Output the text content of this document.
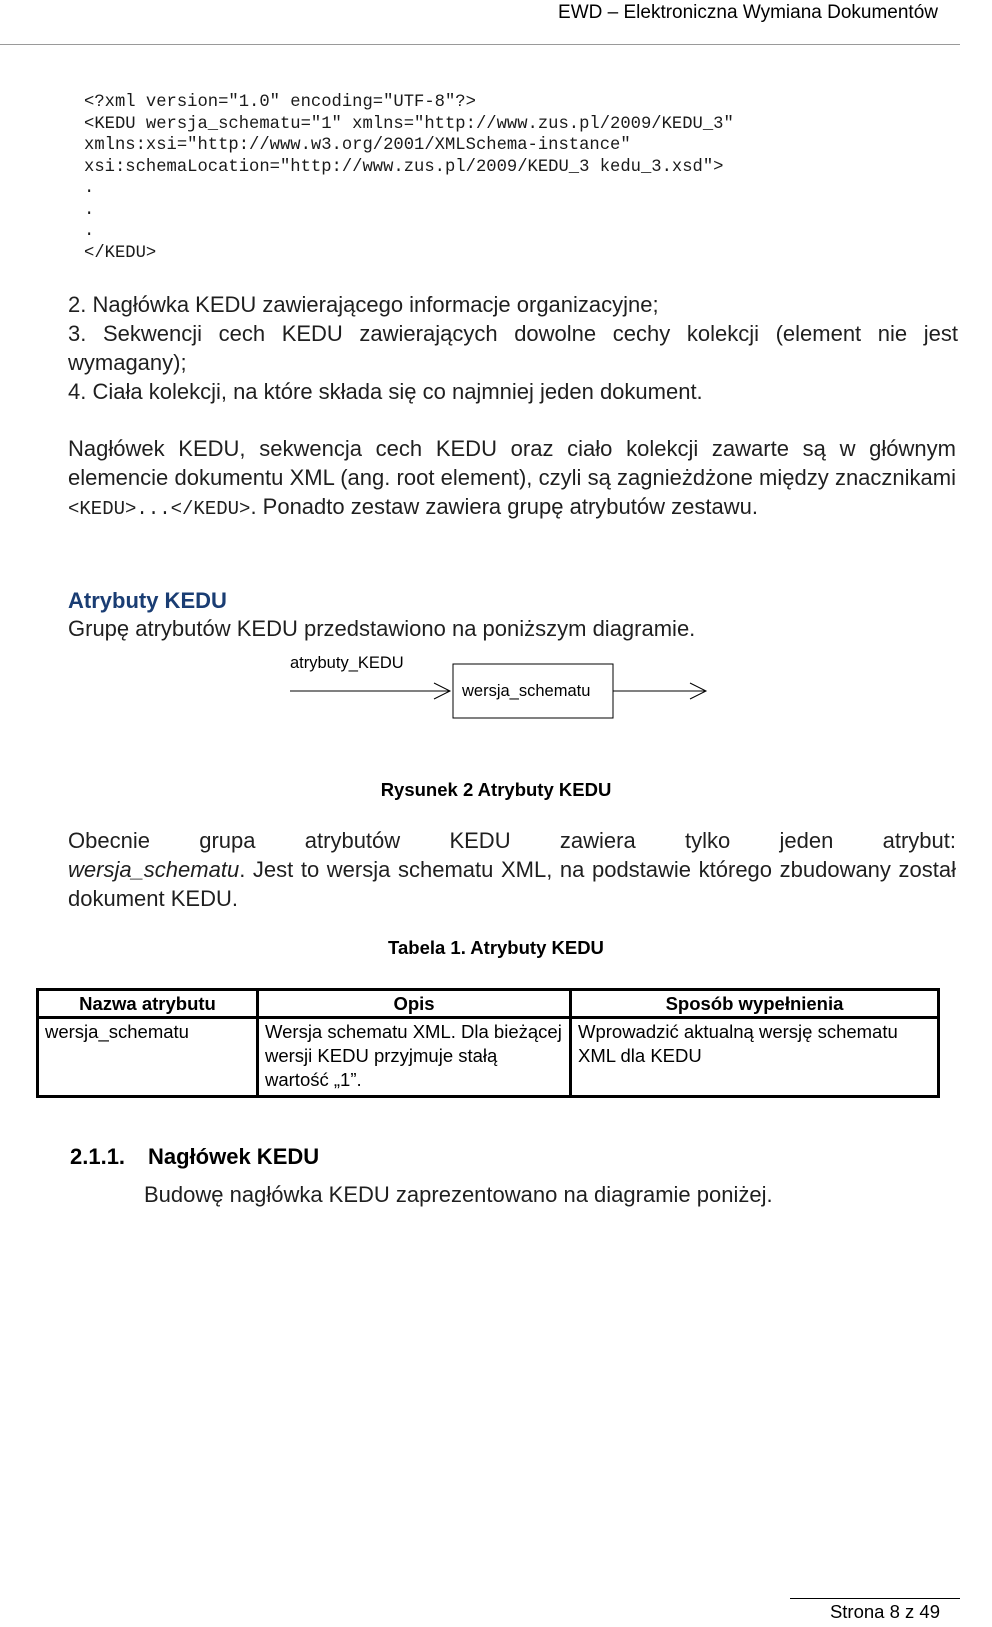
EWD – Elektroniczna Wymiana Dokumentów
<?xml version="1.0" encoding="UTF-8"?>
<KEDU wersja_schematu="1" xmlns="http://www.zus.pl/2009/KEDU_3"
xmlns:xsi="http://www.w3.org/2001/XMLSchema-instance"
xsi:schemaLocation="http://www.zus.pl/2009/KEDU_3 kedu_3.xsd">
.
.
.
</KEDU>
2. Nagłówka KEDU zawierającego informacje organizacyjne;
3. Sekwencji cech KEDU zawierających dowolne cechy kolekcji (element nie jest wymagany);
4. Ciała kolekcji, na które składa się co najmniej jeden dokument.
Nagłówek KEDU, sekwencja cech KEDU oraz ciało kolekcji zawarte są w głównym elemencie dokumentu XML (ang. root element), czyli są zagnieżdżone między znacznikami <KEDU>...</KEDU>. Ponadto zestaw zawiera grupę atrybutów zestawu.
Atrybuty KEDU
Grupę atrybutów KEDU przedstawiono na poniższym diagramie.
atrybuty_KEDU
wersja_schematu
Rysunek 2 Atrybuty KEDU
Obecnie grupa atrybutów KEDU zawiera tylko jeden atrybut:
wersja_schematu. Jest to wersja schematu XML, na podstawie którego zbudowany został dokument KEDU.
Tabela 1. Atrybuty KEDU
Nazwa atrybutu	Opis	Sposób wypełnienia
wersja_schematu	Wersja schematu XML. Dla bieżącej wersji KEDU przyjmuje stałą wartość „1”.	Wprowadzić aktualną wersję schematu XML dla KEDU
2.1.1. Nagłówek KEDU
Budowę nagłówka KEDU zaprezentowano na diagramie poniżej.
Strona 8 z 49
